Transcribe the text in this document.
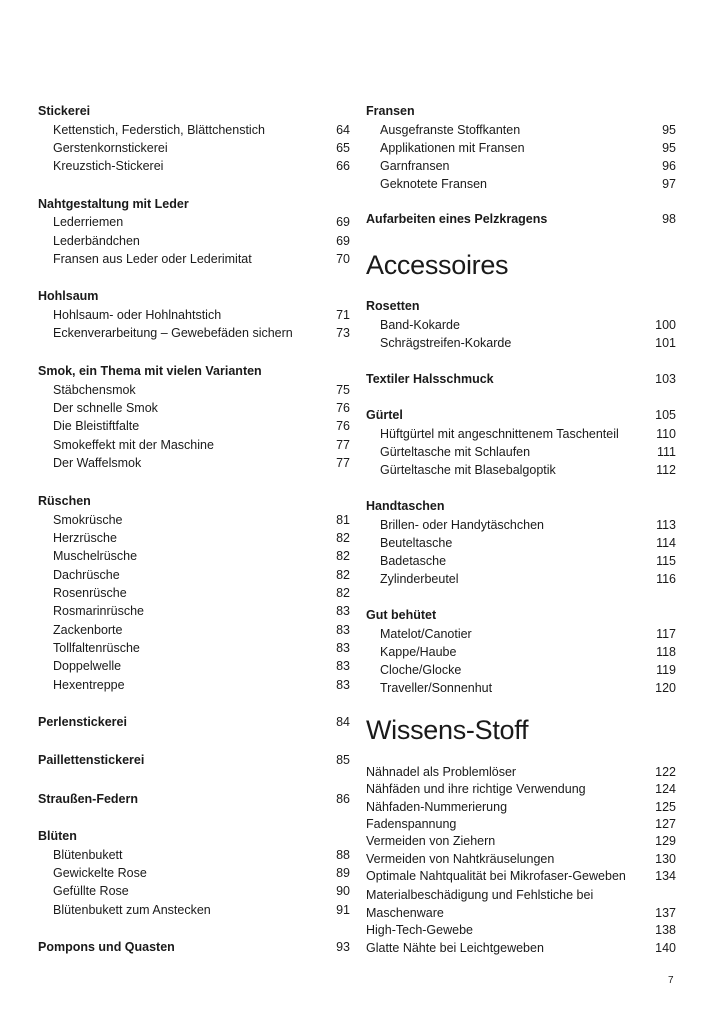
Stickerei
Kettenstich, Federstich, Blättchenstich	64
Gerstenkornstickerei	65
Kreuzstich-Stickerei	66
Nahtgestaltung mit Leder
Lederriemen	69
Lederbändchen	69
Fransen aus Leder oder Lederimitat	70
Hohlsaum
Hohlsaum- oder Hohlnahtstich	71
Eckenverarbeitung – Gewebefäden sichern	73
Smok, ein Thema mit vielen Varianten
Stäbchensmok	75
Der schnelle Smok	76
Die Bleistiftfalte	76
Smokeffekt mit der Maschine	77
Der Waffelsmok	77
Rüschen
Smokrüsche	81
Herzrüsche	82
Muschelrüsche	82
Dachrüsche	82
Rosenrüsche	82
Rosmarinrüsche	83
Zackenborte	83
Tollfaltenrüsche	83
Doppelwelle	83
Hexentreppe	83
Perlenstickerei	84
Paillettenstickerei	85
Straußen-Federn	86
Blüten
Blütenbukett	88
Gewickelte Rose	89
Gefüllte Rose	90
Blütenbukett zum Anstecken	91
Pompons und Quasten	93
Fransen
Ausgefranste Stoffkanten	95
Applikationen mit Fransen	95
Garnfransen	96
Geknotete Fransen	97
Aufarbeiten eines Pelzkragens	98
Accessoires
Rosetten
Band-Kokarde	100
Schrägstreifen-Kokarde	101
Textiler Halsschmuck	103
Gürtel	105
Hüftgürtel mit angeschnittenem Taschenteil	110
Gürteltasche mit Schlaufen	111
Gürteltasche mit Blasebalgoptik	112
Handtaschen
Brillen- oder Handytäschchen	113
Beuteltasche	114
Badetasche	115
Zylinderbeutel	116
Gut behütet
Matelot/Canotier	117
Kappe/Haube	118
Cloche/Glocke	119
Traveller/Sonnenhut	120
Wissens-Stoff
Nähnadel als Problemlöser	122
Nähfäden und ihre richtige Verwendung	124
Nähfaden-Nummerierung	125
Fadenspannung	127
Vermeiden von Ziehern	129
Vermeiden von Nahtkräuselungen	130
Optimale Nahtqualität bei Mikrofaser-Geweben 134
Materialbeschädigung und Fehlstiche bei
Maschenware	137
High-Tech-Gewebe	138
Glatte Nähte bei Leichtgeweben	140
7
